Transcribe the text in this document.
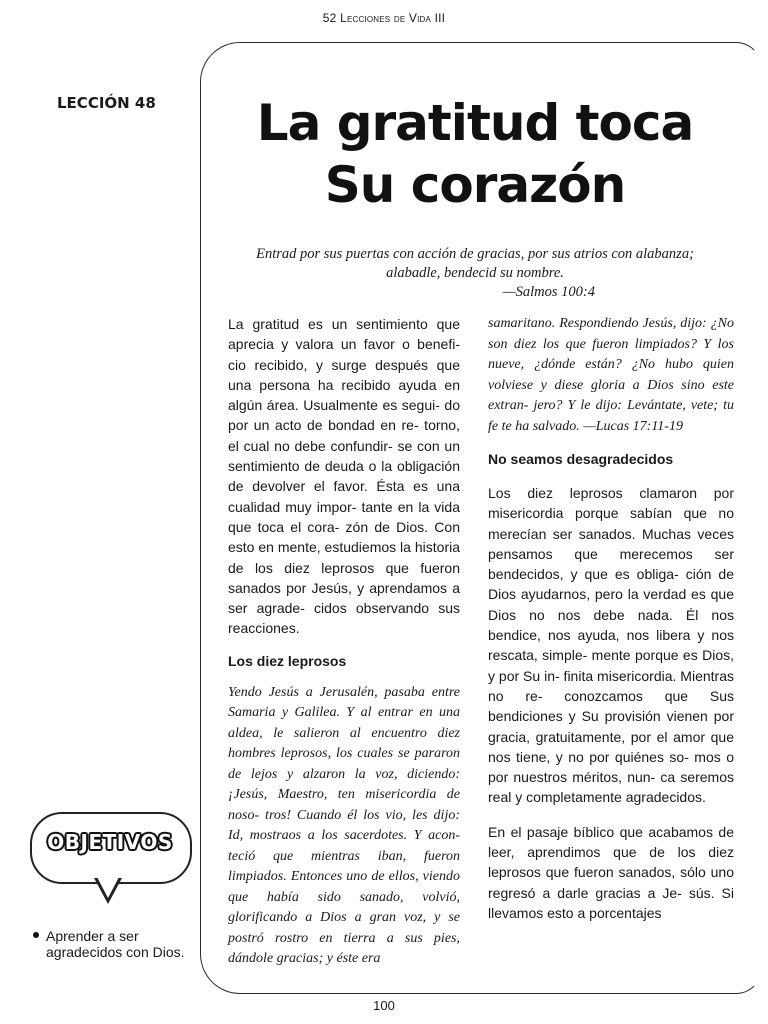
52 Lecciones de Vida III
LECCIÓN 48	La gratitud toca
Su corazón
Entrad por sus puertas con acción de gracias, por sus atrios con alabanza; alabadle, bendecid su nombre.
—Salmos 100:4

La gratitud es un sentimiento que aprecia y valora un favor o benefi- cio recibido, y surge después que una persona ha recibido ayuda en algún área. Usualmente es segui- do por un acto de bondad en re- torno, el cual no debe confundir- se con un sentimiento de deuda o la obligación de devolver el favor. Ésta es una cualidad muy impor- tante en la vida que toca el cora- zón de Dios. Con esto en mente, estudiemos la historia de los diez leprosos que fueron sanados por Jesús, y aprendamos a ser agrade- cidos observando sus reacciones.

Los diez leprosos

Yendo Jesús a Jerusalén, pasaba entre Samaria y Galilea. Y al entrar en una aldea, le salieron al encuentro diez hombres leprosos, los cuales se pararon de lejos y alzaron la voz, diciendo: ¡Jesús, Maestro, ten misericordia de noso- tros! Cuando él los vio, les dijo: Id, mostraos a los sacerdotes. Y acon- teció que mientras iban, fueron limpiados. Entonces uno de ellos, viendo que había sido sanado, volvió, glorificando a Dios a gran voz, y se postró rostro en tierra a sus pies, dándole gracias; y éste era

samaritano. Respondiendo Jesús, dijo: ¿No son diez los que fueron limpiados? Y los nueve, ¿dónde están? ¿No hubo quien volviese y diese gloria a Dios sino este extran- jero? Y le dijo: Levántate, vete; tu fe te ha salvado. —Lucas 17:11-19

No seamos desagradecidos

Los diez leprosos clamaron por misericordia porque sabían que no merecían ser sanados. Muchas veces pensamos que merecemos ser bendecidos, y que es obliga- ción de Dios ayudarnos, pero la verdad es que Dios no nos debe nada. Él nos bendice, nos ayuda, nos libera y nos rescata, simple- mente porque es Dios, y por Su in- finita misericordia. Mientras no re- conozcamos que Sus bendiciones y Su provisión vienen por gracia, gratuitamente, por el amor que nos tiene, y no por quiénes so- mos o por nuestros méritos, nun- ca seremos real y completamente agradecidos.

En el pasaje bíblico que acabamos de leer, aprendimos que de los diez leprosos que fueron sanados, sólo uno regresó a darle gracias a Je- sús. Si llevamos esto a porcentajes

OBJETIVOS
Aprender a ser agradecidos con Dios.
100
